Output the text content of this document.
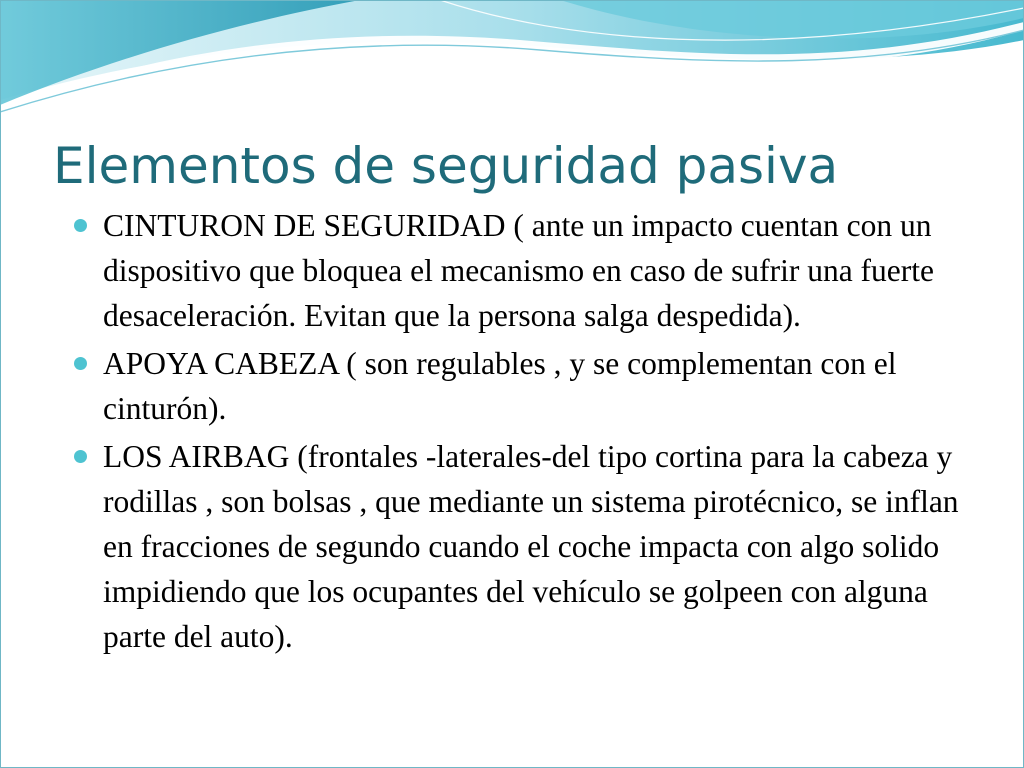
Elementos de seguridad pasiva
CINTURON DE SEGURIDAD ( ante un impacto cuentan con un dispositivo que bloquea el mecanismo en caso de sufrir una fuerte desaceleración. Evitan que la persona salga despedida).
APOYA CABEZA ( son regulables , y se complementan con el cinturón).
LOS AIRBAG (frontales -laterales-del tipo cortina para la cabeza y rodillas , son bolsas , que mediante un sistema pirotécnico, se inflan en fracciones de segundo cuando el coche impacta con algo solido impidiendo que los ocupantes del vehículo se golpeen con alguna parte del auto).
